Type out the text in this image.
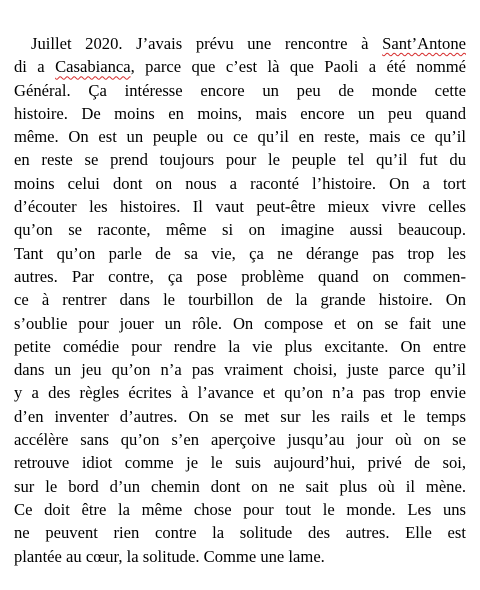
Juillet 2020. J’avais prévu une rencontre à Sant’Antone
di a Casabianca, parce que c’est là que Paoli a été nommé
Général. Ça intéresse encore un peu de monde cette
histoire. De moins en moins, mais encore un peu quand
même. On est un peuple ou ce qu’il en reste, mais ce qu’il
en reste se prend toujours pour le peuple tel qu’il fut du
moins celui dont on nous a raconté l’histoire. On a tort
d’écouter les histoires. Il vaut peut-être mieux vivre celles
qu’on se raconte, même si on imagine aussi beaucoup.
Tant qu’on parle de sa vie, ça ne dérange pas trop les
autres. Par contre, ça pose problème quand on commen-
ce à rentrer dans le tourbillon de la grande histoire. On
s’oublie pour jouer un rôle. On compose et on se fait une
petite comédie pour rendre la vie plus excitante. On entre
dans un jeu qu’on n’a pas vraiment choisi, juste parce qu’il
y a des règles écrites à l’avance et qu’on n’a pas trop envie
d’en inventer d’autres. On se met sur les rails et le temps
accélère sans qu’on s’en aperçoive jusqu’au jour où on se
retrouve idiot comme je le suis aujourd’hui, privé de soi,
sur le bord d’un chemin dont on ne sait plus où il mène.
Ce doit être la même chose pour tout le monde. Les uns
ne peuvent rien contre la solitude des autres. Elle est
plantée au cœur, la solitude. Comme une lame.
